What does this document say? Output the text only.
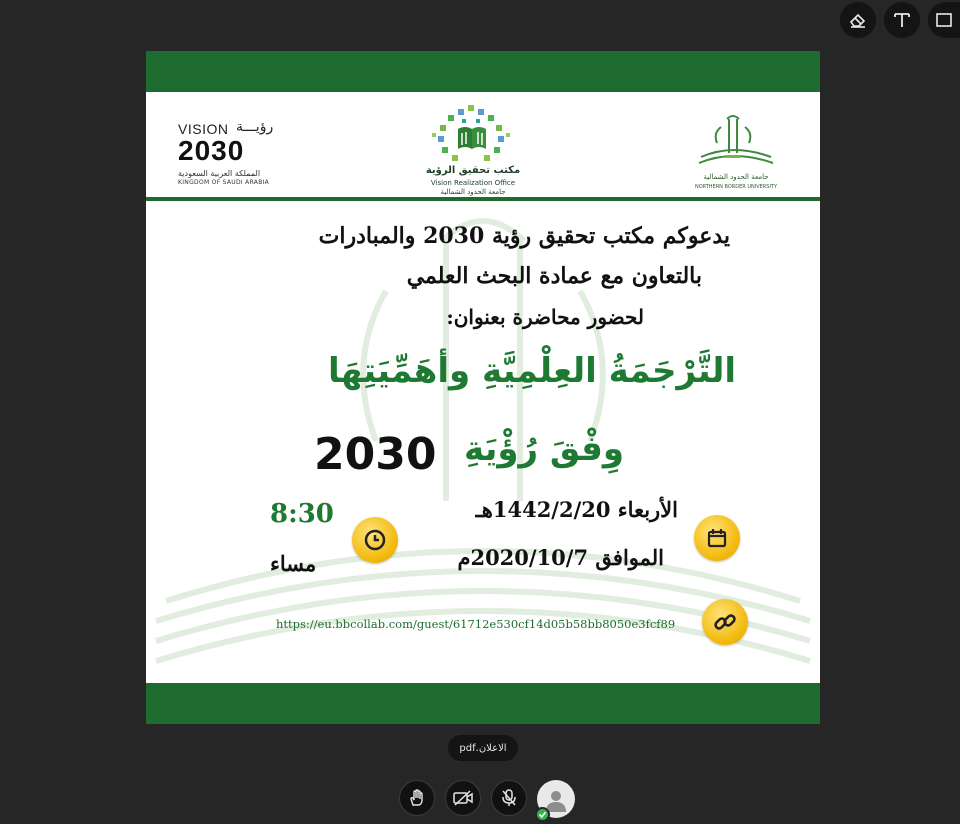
VISION رؤيـــة
2030
المملكة العربية السعودية
KINGDOM OF SAUDI ARABIA
مكتب تحقيق الرؤية
Vision Realization Office
جامعة الحدود الشمالية
جامعة الحدود الشمالية
NORTHERN BORDER UNIVERSITY
يدعوكم مكتب تحقيق رؤية 2030 والمبادرات
بالتعاون مع عمادة البحث العلمي
لحضور محاضرة بعنوان:
التَّرْجَمَةُ العِلْمِيَّةِ وأهَمِّيَتِهَا
وِفْقَ رُؤْيَةِ
2030
الأربعاء 1442/2/20هـ
الموافق 2020/10/7م
8:30
مساء
https://eu.bbcollab.com/guest/61712e530cf14d05b58bb8050e3fcf89
الاعلان.pdf
